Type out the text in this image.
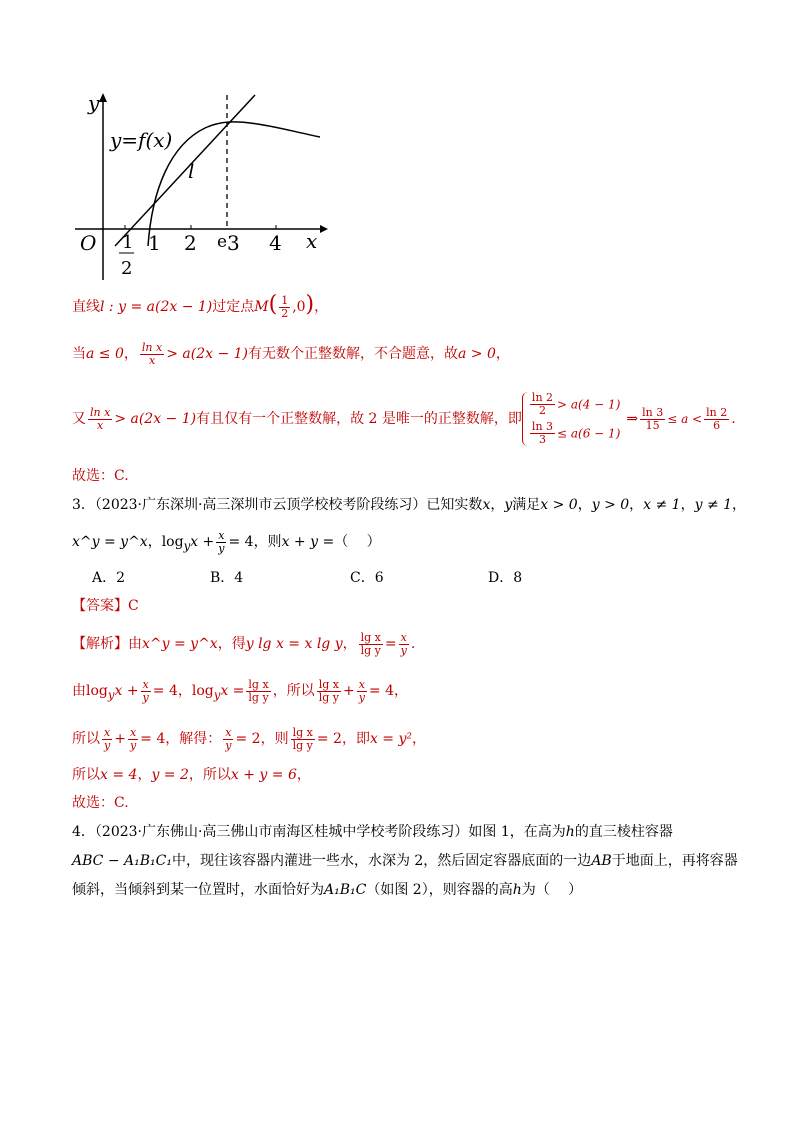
y
x
O
y=f(x)
l
1
2
1 2 e 3 4
直线l : y = a(2x − 1)过定点$M( \frac{1}{2} ,0)$，
当a ≤ 0， $\frac{\text{ln x}}{x} > a(2x - 1)$有无数个正整数解，不合题意，故a > 0，
又 $\frac{\text{ln x}}{x} > a(2x - 1)$有且仅有一个正整数解，故 2 是唯一的正整数解，即
$\frac{\ln 2}{2} > a(4 - 1)$
$\frac{\ln 3}{3} \le a(6 - 1)$
⇒ $\frac{\ln 3}{15} \le a < \frac{\ln 2}{6}$ .
故选：C.
3．（2023·广东深圳·高三深圳市云顶学校校考阶段练习）已知实数x，y满足x > 0，y > 0，x ≠ 1，y ≠ 1，
x^y = y^x，$\log_yx + \frac{x}{y} = 4$，则x + y =（　 ）
A．2	B．4	C．6	D．8
【答案】C
【解析】由x^y = y^x，得y lg x = x lg y， $\frac{\text{lg x}}{\text{lg y}} = \frac{x}{y}$ .
由$\log_yx + \frac{x}{y} = 4$，$\log_yx = \frac{\text{lg x}}{\text{lg y}}$ ，所以 $\frac{\text{lg x}}{\text{lg y}} + \frac{x}{y} = 4$，
所以 $\frac{x}{y} + \frac{x}{y} = 4$，解得： $\frac{x}{y} = 2$，则 $\frac{\text{lg x}}{\text{lg y}} = 2$，即x = y²，
所以x = 4，y = 2，所以x + y = 6，
故选：C.
4．（2023·广东佛山·高三佛山市南海区桂城中学校考阶段练习）如图 1，在高为h的直三棱柱容器
ABC − A₁B₁C₁中，现往该容器内灌进一些水，水深为 2，然后固定容器底面的一边AB于地面上，再将容器
倾斜，当倾斜到某一位置时，水面恰好为A₁B₁C（如图 2），则容器的高h为（　 ）
